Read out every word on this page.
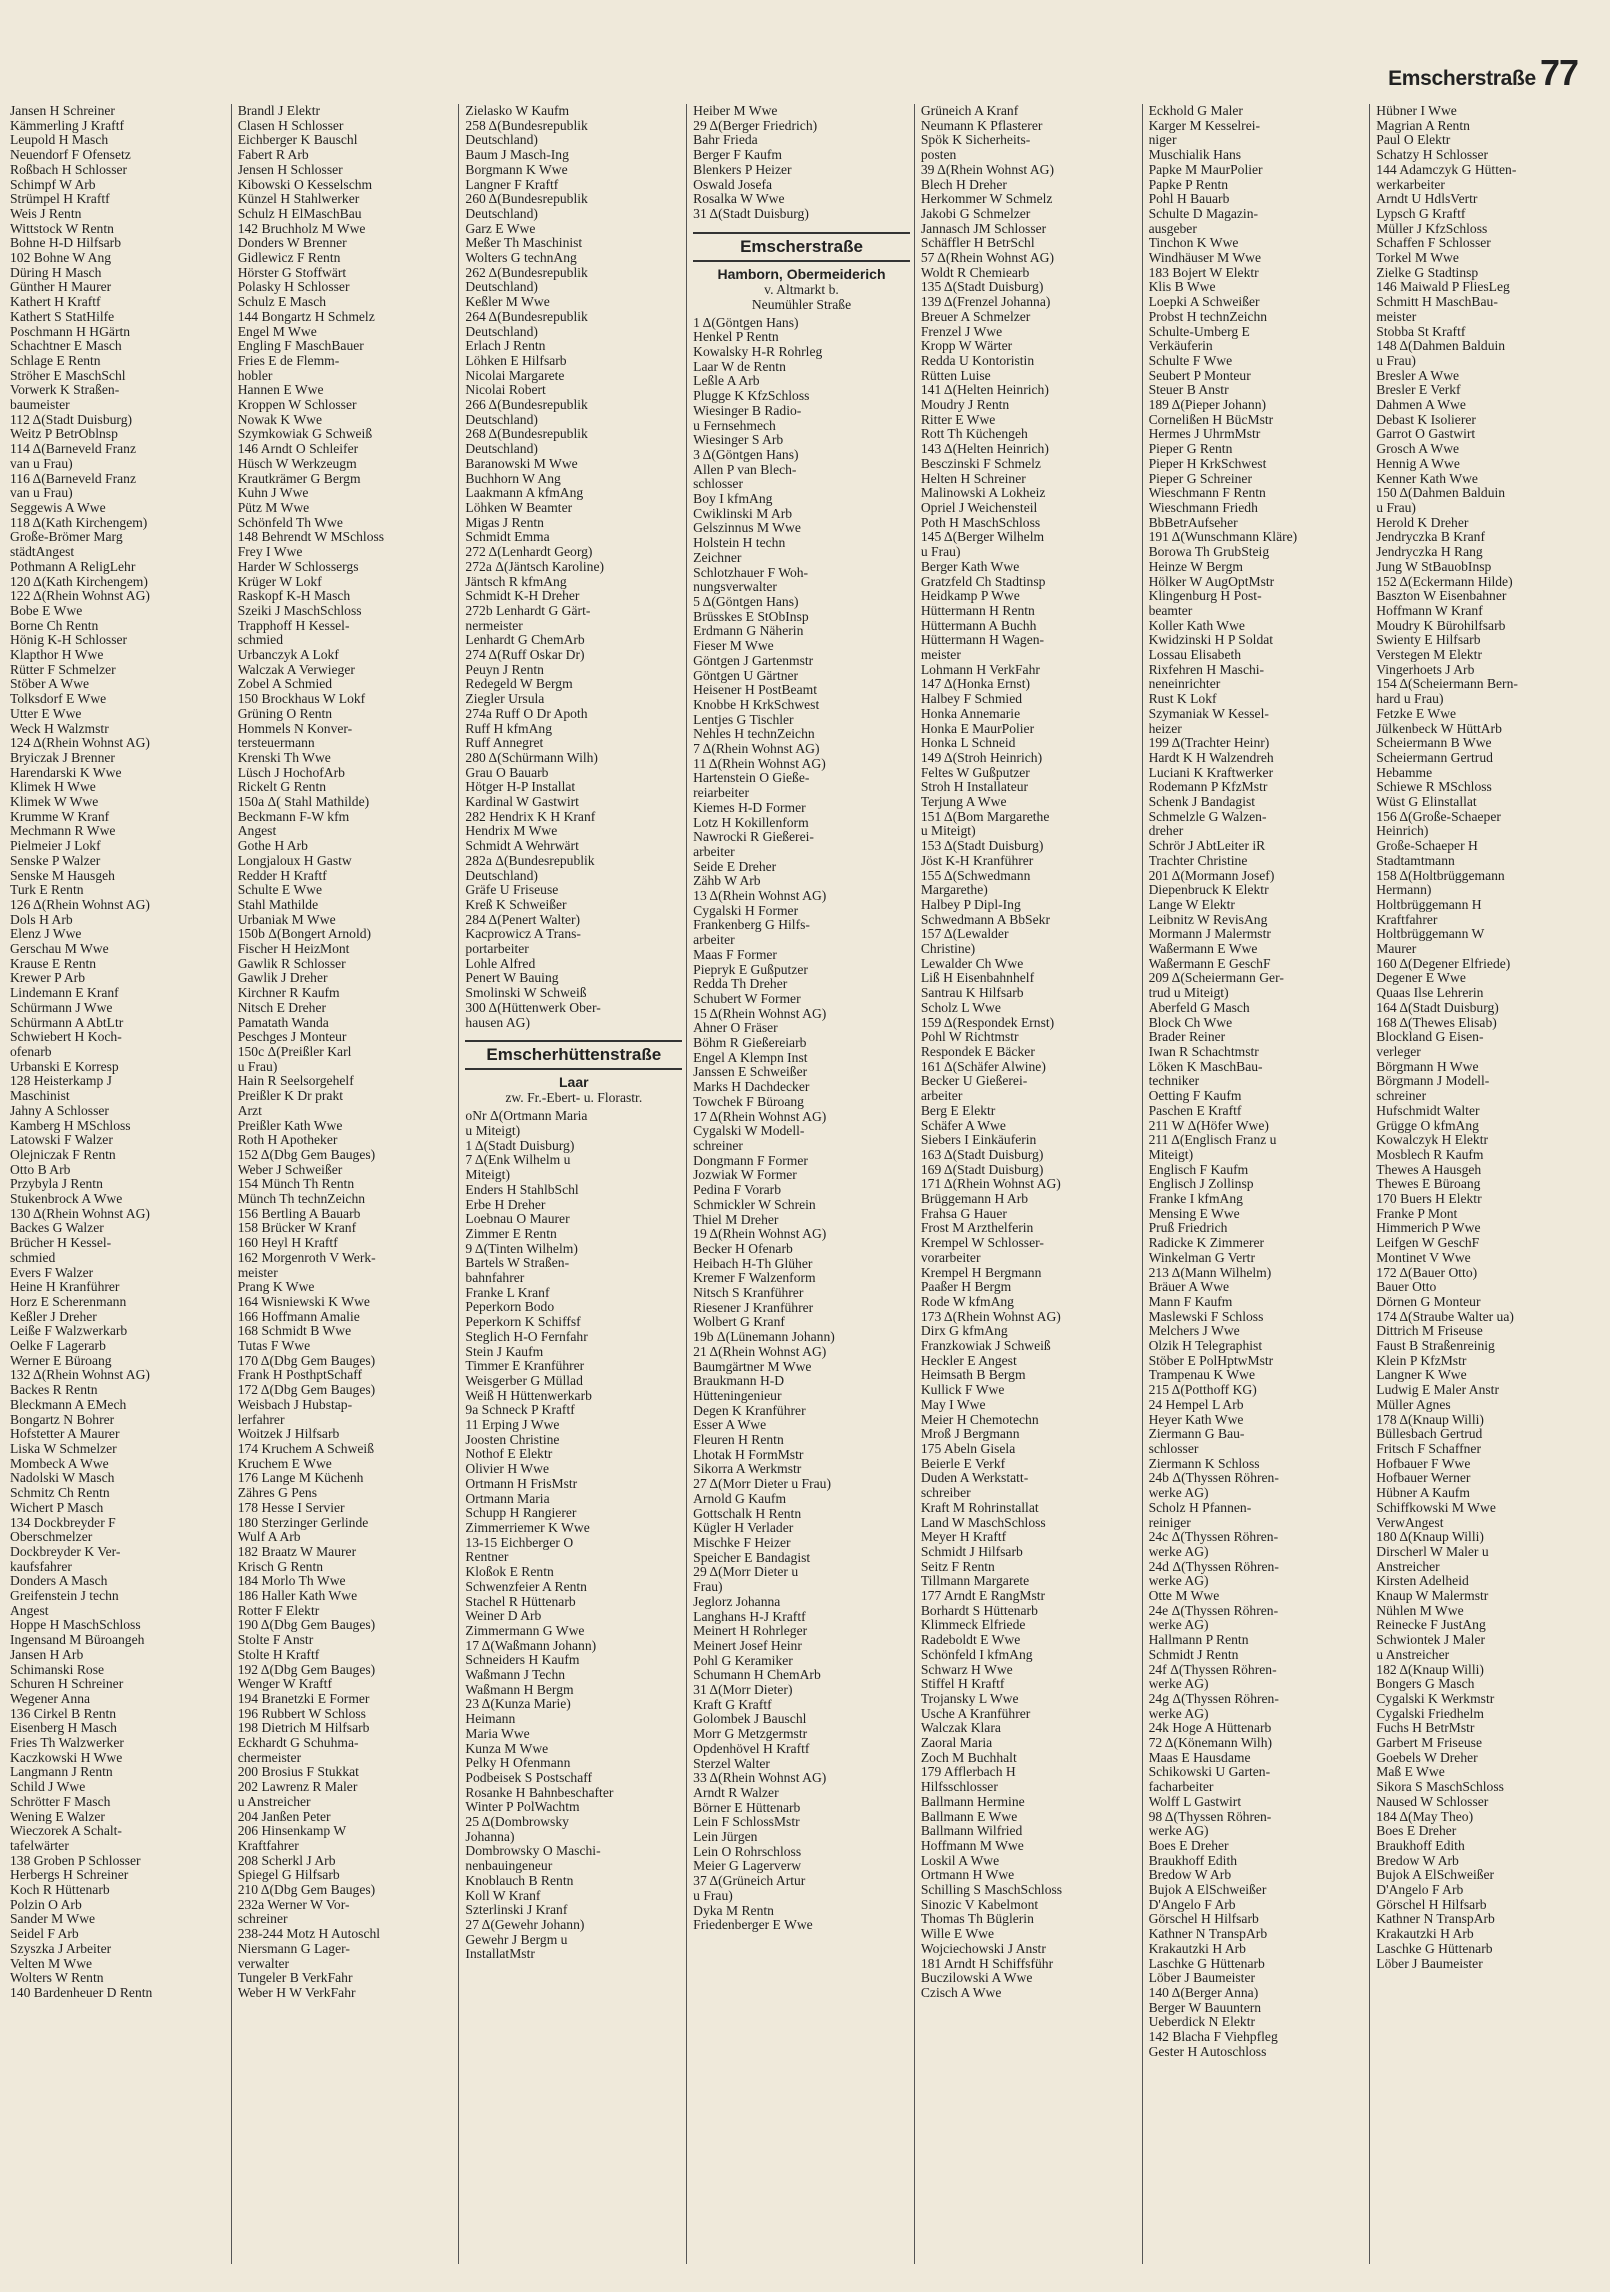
Emscherstraße 77
Jansen H Schreiner
Kämmerling J Kraftf
Leupold H Masch
Neuendorf F Ofensetz
Roßbach H Schlosser
Schimpf W Arb
Strümpel H Kraftf
Weis J Rentn
Wittstock W Rentn
Bohne H-D Hilfsarb
102 Bohne W Ang
Düring H Masch
Günther H Maurer
Kathert H Kraftf
Kathert S StatHilfe
Poschmann H HGärtn
Schachtner E Masch
Schlage E Rentn
Ströher E MaschSchl
Vorwerk K Straßen-
baumeister
112 Δ(Stadt Duisburg)
Weitz P BetrOblnsp
114 Δ(Barneveld Franz
van u Frau)
116 Δ(Barneveld Franz
van u Frau)
Seggewis A Wwe
118 Δ(Kath Kirchengem)
Große-Brömer Marg
städtAngest
Pothmann A ReligLehr
120 Δ(Kath Kirchengem)
122 Δ(Rhein Wohnst AG)
Bobe E Wwe
Borne Ch Rentn
Hönig K-H Schlosser
Klapthor H Wwe
Rütter F Schmelzer
Stöber A Wwe
Tolksdorf E Wwe
Utter E Wwe
Weck H Walzmstr
124 Δ(Rhein Wohnst AG)
Bryiczak J Brenner
Harendarski K Wwe
Klimek H Wwe
Klimek W Wwe
Krumme W Kranf
Mechmann R Wwe
Pielmeier J Lokf
Senske P Walzer
Senske M Hausgeh
Turk E Rentn
126 Δ(Rhein Wohnst AG)
Dols H Arb
Elenz J Wwe
Gerschau M Wwe
Krause E Rentn
Krewer P Arb
Lindemann E Kranf
Schürmann J Wwe
Schürmann A AbtLtr
Schwiebert H Koch-
ofenarb
Urbanski E Korresp
128 Heisterkamp J
Maschinist
Jahny A Schlosser
Kamberg H MSchloss
Latowski F Walzer
Olejniczak F Rentn
Otto B Arb
Przybyla J Rentn
Stukenbrock A Wwe
130 Δ(Rhein Wohnst AG)
Backes G Walzer
Brücher H Kessel-
schmied
Evers F Walzer
Heine H Kranführer
Horz E Scherenmann
Keßler J Dreher
Leiße F Walzwerkarb
Oelke F Lagerarb
Werner E Büroang
132 Δ(Rhein Wohnst AG)
Backes R Rentn
Bleckmann A EMech
Bongartz N Bohrer
Hofstetter A Maurer
Liska W Schmelzer
Mombeck A Wwe
Nadolski W Masch
Schmitz Ch Rentn
Wichert P Masch
134 Dockbreyder F
Oberschmelzer
Dockbreyder K Ver-
kaufsfahrer
Donders A Masch
Greifenstein J techn
Angest
Hoppe H MaschSchloss
Ingensand M Büroangeh
Jansen H Arb
Schimanski Rose
Schuren H Schreiner
Wegener Anna
136 Cirkel B Rentn
Eisenberg H Masch
Fries Th Walzwerker
Kaczkowski H Wwe
Langmann J Rentn
Schild J Wwe
Schrötter F Masch
Wening E Walzer
Wieczorek A Schalt-
tafelwärter
138 Groben P Schlosser
Herbergs H Schreiner
Koch R Hüttenarb
Polzin O Arb
Sander M Wwe
Seidel F Arb
Szyszka J Arbeiter
Velten M Wwe
Wolters W Rentn
140 Bardenheuer D Rentn
Brandl J Elektr
Clasen H Schlosser
Eichberger K Bauschl
Fabert R Arb
Jensen H Schlosser
Kibowski O Kesselschm
Künzel H Stahlwerker
Schulz H ElMaschBau
142 Bruchholz M Wwe
Donders W Brenner
Gidlewicz F Rentn
Hörster G Stoffwärt
Polasky H Schlosser
Schulz E Masch
144 Bongartz H Schmelz
Engel M Wwe
Engling F MaschBauer
Fries E de Flemm-
hobler
Hannen E Wwe
Kroppen W Schlosser
Nowak K Wwe
Szymkowiak G Schweiß
146 Arndt O Schleifer
Hüsch W Werkzeugm
Krautkrämer G Bergm
Kuhn J Wwe
Pütz M Wwe
Schönfeld Th Wwe
148 Behrendt W MSchloss
Frey I Wwe
Harder W Schlossergs
Krüger W Lokf
Raskopf K-H Masch
Szeiki J MaschSchloss
Trapphoff H Kessel-
schmied
Urbanczyk A Lokf
Walczak A Verwieger
Zobel A Schmied
150 Brockhaus W Lokf
Grüning O Rentn
Hommels N Konver-
tersteuermann
Krenski Th Wwe
Lüsch J HochofArb
Rickelt G Rentn
150a Δ( Stahl Mathilde)
Beckmann F-W kfm
Angest
Gothe H Arb
Longjaloux H Gastw
Redder H Kraftf
Schulte E Wwe
Stahl Mathilde
Urbaniak M Wwe
150b Δ(Bongert Arnold)
Fischer H HeizMont
Gawlik R Schlosser
Gawlik J Dreher
Kirchner R Kaufm
Nitsch E Dreher
Pamatath Wanda
Peschges J Monteur
150c Δ(Preißler Karl
u Frau)
Hain R Seelsorgehelf
Preißler K Dr prakt
Arzt
Preißler Kath Wwe
Roth H Apotheker
152 Δ(Dbg Gem Bauges)
Weber J Schweißer
154 Münch Th Rentn
Münch Th technZeichn
156 Bertling A Bauarb
158 Brücker W Kranf
160 Heyl H Kraftf
162 Morgenroth V Werk-
meister
Prang K Wwe
164 Wisniewski K Wwe
166 Hoffmann Amalie
168 Schmidt B Wwe
Tutas F Wwe
170 Δ(Dbg Gem Bauges)
Frank H PosthptSchaff
172 Δ(Dbg Gem Bauges)
Weisbach J Hubstap-
lerfahrer
Woitzek J Hilfsarb
174 Kruchem A Schweiß
Kruchem E Wwe
176 Lange M Küchenh
Zähres G Pens
178 Hesse I Servier
180 Sterzinger Gerlinde
Wulf A Arb
182 Braatz W Maurer
Krisch G Rentn
184 Morlo Th Wwe
186 Haller Kath Wwe
Rotter F Elektr
190 Δ(Dbg Gem Bauges)
Stolte F Anstr
Stolte H Kraftf
192 Δ(Dbg Gem Bauges)
Wenger W Kraftf
194 Branetzki E Former
196 Rubbert W Schloss
198 Dietrich M Hilfsarb
Eckhardt G Schuhma-
chermeister
200 Brosius F Stukkat
202 Lawrenz R Maler
u Anstreicher
204 Janßen Peter
206 Hinsenkamp W
Kraftfahrer
208 Scherkl J Arb
Spiegel G Hilfsarb
210 Δ(Dbg Gem Bauges)
232a Werner W Vor-
schreiner
238-244 Motz H Autoschl
Niersmann G Lager-
verwalter
Tungeler B VerkFahr
Weber H W VerkFahr
Zielasko W Kaufm
258 Δ(Bundesrepublik
Deutschland)
Baum J Masch-Ing
Borgmann K Wwe
Langner F Kraftf
260 Δ(Bundesrepublik
Deutschland)
Garz E Wwe
Meßer Th Maschinist
Wolters G technAng
262 Δ(Bundesrepublik
Deutschland)
Keßler M Wwe
264 Δ(Bundesrepublik
Deutschland)
Erlach J Rentn
Löhken E Hilfsarb
Nicolai Margarete
Nicolai Robert
266 Δ(Bundesrepublik
Deutschland)
268 Δ(Bundesrepublik
Deutschland)
Baranowski M Wwe
Buchhorn W Ang
Laakmann A kfmAng
Löhken W Beamter
Migas J Rentn
Schmidt Emma
272 Δ(Lenhardt Georg)
272a Δ(Jäntsch Karoline)
Jäntsch R kfmAng
Schmidt K-H Dreher
272b Lenhardt G Gärt-
nermeister
Lenhardt G ChemArb
274 Δ(Ruff Oskar Dr)
Peuyn J Rentn
Redegeld W Bergm
Ziegler Ursula
274a Ruff O Dr Apoth
Ruff H kfmAng
Ruff Annegret
280 Δ(Schürmann Wilh)
Grau O Bauarb
Hötger H-P Installat
Kardinal W Gastwirt
282 Hendrix K H Kranf
Hendrix M Wwe
Schmidt A Wehrwärt
282a Δ(Bundesrepublik
Deutschland)
Gräfe U Friseuse
Kreß K Schweißer
284 Δ(Penert Walter)
Kacprowicz A Trans-
portarbeiter
Lohle Alfred
Penert W Bauing
Smolinski W Schweiß
300 Δ(Hüttenwerk Ober-
hausen AG)
Emscherhüttenstraße
Laar
zw. Fr.-Ebert- u. Florastr.
oNr Δ(Ortmann Maria
u Miteigt)
1 Δ(Stadt Duisburg)
7 Δ(Enk Wilhelm u
Miteigt)
Enders H StahlbSchl
Erbe H Dreher
Loebnau O Maurer
Zimmer E Rentn
9 Δ(Tinten Wilhelm)
Bartels W Straßen-
bahnfahrer
Franke L Kranf
Peperkorn Bodo
Peperkorn K Schiffsf
Steglich H-O Fernfahr
Stein J Kaufm
Timmer E Kranführer
Weisgerber G Müllad
Weiß H Hüttenwerkarb
9a Schneck P Kraftf
11 Erping J Wwe
Joosten Christine
Nothof E Elektr
Olivier H Wwe
Ortmann H FrisMstr
Ortmann Maria
Schupp H Rangierer
Zimmerriemer K Wwe
13-15 Eichberger O
Rentner
Kloßok E Rentn
Schwenzfeier A Rentn
Stachel R Hüttenarb
Weiner D Arb
Zimmermann G Wwe
17 Δ(Waßmann Johann)
Schneiders H Kaufm
Waßmann J Techn
Waßmann H Bergm
23 Δ(Kunza Marie)
Heimann
Maria Wwe
Kunza M Wwe
Pelky H Ofenmann
Podbeisek S Postschaff
Rosanke H Bahnbeschafter
Winter P PolWachtm
25 Δ(Dombrowsky
Johanna)
Dombrowsky O Maschi-
nenbauingeneur
Knoblauch B Rentn
Koll W Kranf
Szterlinski J Kranf
27 Δ(Gewehr Johann)
Gewehr J Bergm u
InstallatMstr
Heiber M Wwe
29 Δ(Berger Friedrich)
Bahr Frieda
Berger F Kaufm
Blenkers P Heizer
Oswald Josefa
Rosalka W Wwe
31 Δ(Stadt Duisburg)
Emscherstraße
Hamborn, Obermeiderich
v. Altmarkt b.
Neumühler Straße
1 Δ(Göntgen Hans)
Henkel P Rentn
Kowalsky H-R Rohrleg
Laar W de Rentn
Leßle A Arb
Plugge K KfzSchloss
Wiesinger B Radio-
u Fernsehmech
Wiesinger S Arb
3 Δ(Göntgen Hans)
Allen P van Blech-
schlosser
Boy I kfmAng
Cwiklinski M Arb
Gelszinnus M Wwe
Holstein H techn
Zeichner
Schlotzhauer F Woh-
nungsverwalter
5 Δ(Göntgen Hans)
Brüsskes E StObInsp
Erdmann G Näherin
Fieser M Wwe
Göntgen J Gartenmstr
Göntgen U Gärtner
Heisener H PostBeamt
Knobbe H KrkSchwest
Lentjes G Tischler
Nehles H technZeichn
7 Δ(Rhein Wohnst AG)
11 Δ(Rhein Wohnst AG)
Hartenstein O Gieße-
reiarbeiter
Kiemes H-D Former
Lotz H Kokillenform
Nawrocki R Gießerei-
arbeiter
Seide E Dreher
Zähb W Arb
13 Δ(Rhein Wohnst AG)
Cygalski H Former
Frankenberg G Hilfs-
arbeiter
Maas F Former
Piepryk E Gußputzer
Redda Th Dreher
Schubert W Former
15 Δ(Rhein Wohnst AG)
Ahner O Fräser
Böhm R Gießereiarb
Engel A Klempn Inst
Janssen E Schweißer
Marks H Dachdecker
Towchek F Büroang
17 Δ(Rhein Wohnst AG)
Cygalski W Modell-
schreiner
Dongmann F Former
Jozwiak W Former
Pedina F Vorarb
Schmickler W Schrein
Thiel M Dreher
19 Δ(Rhein Wohnst AG)
Becker H Ofenarb
Heibach H-Th Glüher
Kremer F Walzenform
Nitsch S Kranführer
Riesener J Kranführer
Wolbert G Kranf
19b Δ(Lünemann Johann)
21 Δ(Rhein Wohnst AG)
Baumgärtner M Wwe
Braukmann H-D
Hütteningenieur
Degen K Kranführer
Esser A Wwe
Fleuren H Rentn
Lhotak H FormMstr
Sikorra A Werkmstr
27 Δ(Morr Dieter u Frau)
Arnold G Kaufm
Gottschalk H Rentn
Kügler H Verlader
Mischke F Heizer
Speicher E Bandagist
29 Δ(Morr Dieter u
Frau)
Jeglorz Johanna
Langhans H-J Kraftf
Meinert H Rohrleger
Meinert Josef Heinr
Pohl G Keramiker
Schumann H ChemArb
31 Δ(Morr Dieter)
Kraft G Kraftf
Golombek J Bauschl
Morr G Metzgermstr
Opdenhövel H Kraftf
Sterzel Walter
33 Δ(Rhein Wohnst AG)
Arndt R Walzer
Börner E Hüttenarb
Lein F SchlossMstr
Lein Jürgen
Lein O Rohrschloss
Meier G Lagerverw
37 Δ(Grüneich Artur
u Frau)
Dyka M Rentn
Friedenberger E Wwe
Grüneich A Kranf
Neumann K Pflasterer
Spök K Sicherheits-
posten
39 Δ(Rhein Wohnst AG)
Blech H Dreher
Herkommer W Schmelz
Jakobi G Schmelzer
Jannasch JM Schlosser
Schäffler H BetrSchl
57 Δ(Rhein Wohnst AG)
Woldt R Chemiearb
135 Δ(Stadt Duisburg)
139 Δ(Frenzel Johanna)
Breuer A Schmelzer
Frenzel J Wwe
Kropp W Wärter
Redda U Kontoristin
Rütten Luise
141 Δ(Helten Heinrich)
Moudry J Rentn
Ritter E Wwe
Rott Th Küchengeh
143 Δ(Helten Heinrich)
Besczinski F Schmelz
Helten H Schreiner
Malinowski A Lokheiz
Opriel J Weichensteil
Poth H MaschSchloss
145 Δ(Berger Wilhelm
u Frau)
Berger Kath Wwe
Gratzfeld Ch Stadtinsp
Heidkamp P Wwe
Hüttermann H Rentn
Hüttermann A Buchh
Hüttermann H Wagen-
meister
Lohmann H VerkFahr
147 Δ(Honka Ernst)
Halbey F Schmied
Honka Annemarie
Honka E MaurPolier
Honka L Schneid
149 Δ(Stroh Heinrich)
Feltes W Gußputzer
Stroh H Installateur
Terjung A Wwe
151 Δ(Bom Margarethe
u Miteigt)
153 Δ(Stadt Duisburg)
Jöst K-H Kranführer
155 Δ(Schwedmann
Margarethe)
Halbey P Dipl-Ing
Schwedmann A BbSekr
157 Δ(Lewalder
Christine)
Lewalder Ch Wwe
Liß H Eisenbahnhelf
Santrau K Hilfsarb
Scholz L Wwe
159 Δ(Respondek Ernst)
Pohl W Richtmstr
Respondek E Bäcker
161 Δ(Schäfer Alwine)
Becker U Gießerei-
arbeiter
Berg E Elektr
Schäfer A Wwe
Siebers I Einkäuferin
163 Δ(Stadt Duisburg)
169 Δ(Stadt Duisburg)
171 Δ(Rhein Wohnst AG)
Brüggemann H Arb
Frahsa G Hauer
Frost M Arzthelferin
Krempel W Schlosser-
vorarbeiter
Krempel H Bergmann
Paaßer H Bergm
Rode W kfmAng
173 Δ(Rhein Wohnst AG)
Dirx G kfmAng
Franzkowiak J Schweiß
Heckler E Angest
Heimsath B Bergm
Kullick F Wwe
May I Wwe
Meier H Chemotechn
Mroß J Bergmann
175 Abeln Gisela
Beierle E Verkf
Duden A Werkstatt-
schreiber
Kraft M Rohrinstallat
Land W MaschSchloss
Meyer H Kraftf
Schmidt J Hilfsarb
Seitz F Rentn
Tillmann Margarete
177 Arndt E RangMstr
Borhardt S Hüttenarb
Klimmeck Elfriede
Radeboldt E Wwe
Schönfeld I kfmAng
Schwarz H Wwe
Stiffel H Kraftf
Trojansky L Wwe
Usche A Kranführer
Walczak Klara
Zaoral Maria
Zoch M Buchhalt
179 Afflerbach H
Hilfsschlosser
Ballmann Hermine
Ballmann E Wwe
Ballmann Wilfried
Hoffmann M Wwe
Loskil A Wwe
Ortmann H Wwe
Schilling S MaschSchloss
Sinozic V Kabelmont
Thomas Th Büglerin
Wille E Wwe
Wojciechowski J Anstr
181 Arndt H Schiffsführ
Buczilowski A Wwe
Czisch A Wwe
Eckhold G Maler
Karger M Kesselrei-
niger
Muschialik Hans
Papke M MaurPolier
Papke P Rentn
Pohl H Bauarb
Schulte D Magazin-
ausgeber
Tinchon K Wwe
Windhäuser M Wwe
183 Bojert W Elektr
Klis B Wwe
Loepki A Schweißer
Probst H technZeichn
Schulte-Umberg E
Verkäuferin
Schulte F Wwe
Seubert P Monteur
Steuer B Anstr
189 Δ(Pieper Johann)
Cornelißen H BücMstr
Hermes J UhrmMstr
Pieper G Rentn
Pieper H KrkSchwest
Pieper G Schreiner
Wieschmann F Rentn
Wieschmann Friedh
BbBetrAufseher
191 Δ(Wunschmann Kläre)
Borowa Th GrubSteig
Heinze W Bergm
Hölker W AugOptMstr
Klingenburg H Post-
beamter
Koller Kath Wwe
Kwidzinski H P Soldat
Lossau Elisabeth
Rixfehren H Maschi-
neneinrichter
Rust K Lokf
Szymaniak W Kessel-
heizer
199 Δ(Trachter Heinr)
Hardt K H Walzendreh
Luciani K Kraftwerker
Rodemann P KfzMstr
Schenk J Bandagist
Schmelzle G Walzen-
dreher
Schrör J AbtLeiter iR
Trachter Christine
201 Δ(Mormann Josef)
Diepenbruck K Elektr
Lange W Elektr
Leibnitz W RevisAng
Mormann J Malermstr
Waßermann E Wwe
Waßermann E GeschF
209 Δ(Scheiermann Ger-
trud u Miteigt)
Aberfeld G Masch
Block Ch Wwe
Brader Reiner
Iwan R Schachtmstr
Löken K MaschBau-
techniker
Oetting F Kaufm
Paschen E Kraftf
211 W Δ(Höfer Wwe)
211 Δ(Englisch Franz u
Miteigt)
Englisch F Kaufm
Englisch J Zollinsp
Franke I kfmAng
Mensing E Wwe
Pruß Friedrich
Radicke K Zimmerer
Winkelman G Vertr
213 Δ(Mann Wilhelm)
Bräuer A Wwe
Mann F Kaufm
Maslewski F Schloss
Melchers J Wwe
Olzik H Telegraphist
Stöber E PolHptwMstr
Trampenau K Wwe
215 Δ(Potthoff KG)
24 Hempel L Arb
Heyer Kath Wwe
Ziermann G Bau-
schlosser
Ziermann K Schloss
24b Δ(Thyssen Röhren-
werke AG)
Scholz H Pfannen-
reiniger
24c Δ(Thyssen Röhren-
werke AG)
24d Δ(Thyssen Röhren-
werke AG)
Otte M Wwe
24e Δ(Thyssen Röhren-
werke AG)
Hallmann P Rentn
Schmidt J Rentn
24f Δ(Thyssen Röhren-
werke AG)
24g Δ(Thyssen Röhren-
werke AG)
24k Hoge A Hüttenarb
72 Δ(Könemann Wilh)
Maas E Hausdame
Schikowski U Garten-
facharbeiter
Wolff L Gastwirt
98 Δ(Thyssen Röhren-
werke AG)
Boes E Dreher
Braukhoff Edith
Bredow W Arb
Bujok A ElSchweißer
D'Angelo F Arb
Görschel H Hilfsarb
Kathner N TranspArb
Krakautzki H Arb
Laschke G Hüttenarb
Löber J Baumeister
140 Δ(Berger Anna)
Berger W Bauuntern
Ueberdick N Elektr
142 Blacha F Viehpfleg
Gester H Autoschloss
Hübner I Wwe
Magrian A Rentn
Paul O Elektr
Schatzy H Schlosser
144 Adamczyk G Hütten-
werkarbeiter
Arndt U HdlsVertr
Lypsch G Kraftf
Müller J KfzSchloss
Schaffen F Schlosser
Torkel M Wwe
Zielke G Stadtinsp
146 Maiwald P FliesLeg
Schmitt H MaschBau-
meister
Stobba St Kraftf
148 Δ(Dahmen Balduin
u Frau)
Bresler A Wwe
Bresler E Verkf
Dahmen A Wwe
Debast K Isolierer
Garrot O Gastwirt
Grosch A Wwe
Hennig A Wwe
Kenner Kath Wwe
150 Δ(Dahmen Balduin
u Frau)
Herold K Dreher
Jendryczka B Kranf
Jendryczka H Rang
Jung W StBauobInsp
152 Δ(Eckermann Hilde)
Baszton W Eisenbahner
Hoffmann W Kranf
Moudry K Bürohilfsarb
Swienty E Hilfsarb
Verstegen M Elektr
Vingerhoets J Arb
154 Δ(Scheiermann Bern-
hard u Frau)
Fetzke E Wwe
Jülkenbeck W HüttArb
Scheiermann B Wwe
Scheiermann Gertrud
Hebamme
Schiewe R MSchloss
Wüst G Elinstallat
156 Δ(Große-Schaeper
Heinrich)
Große-Schaeper H
Stadtamtmann
158 Δ(Holtbrüggemann
Hermann)
Holtbrüggemann H
Kraftfahrer
Holtbrüggemann W
Maurer
160 Δ(Degener Elfriede)
Degener E Wwe
Quaas Ilse Lehrerin
164 Δ(Stadt Duisburg)
168 Δ(Thewes Elisab)
Blockland G Eisen-
verleger
Börgmann H Wwe
Börgmann J Modell-
schreiner
Hufschmidt Walter
Grügge O kfmAng
Kowalczyk H Elektr
Mosblech R Kaufm
Thewes A Hausgeh
Thewes E Büroang
170 Buers H Elektr
Franke P Mont
Himmerich P Wwe
Leifgen W GeschF
Montinet V Wwe
172 Δ(Bauer Otto)
Bauer Otto
Dörnen G Monteur
174 Δ(Straube Walter ua)
Dittrich M Friseuse
Faust B Straßenreinig
Klein P KfzMstr
Langner K Wwe
Ludwig E Maler Anstr
Müller Agnes
178 Δ(Knaup Willi)
Büllesbach Gertrud
Fritsch F Schaffner
Hofbauer F Wwe
Hofbauer Werner
Hübner A Kaufm
Schiffkowski M Wwe
VerwAngest
180 Δ(Knaup Willi)
Dirscherl W Maler u
Anstreicher
Kirsten Adelheid
Knaup W Malermstr
Nühlen M Wwe
Reinecke F JustAng
Schwiontek J Maler
u Anstreicher
182 Δ(Knaup Willi)
Bongers G Masch
Cygalski K Werkmstr
Cygalski Friedhelm
Fuchs H BetrMstr
Garbert M Friseuse
Goebels W Dreher
Maß E Wwe
Sikora S MaschSchloss
Naused W Schlosser
184 Δ(May Theo)
Boes E Dreher
Braukhoff Edith
Bredow W Arb
Bujok A ElSchweißer
D'Angelo F Arb
Görschel H Hilfsarb
Kathner N TranspArb
Krakautzki H Arb
Laschke G Hüttenarb
Löber J Baumeister
